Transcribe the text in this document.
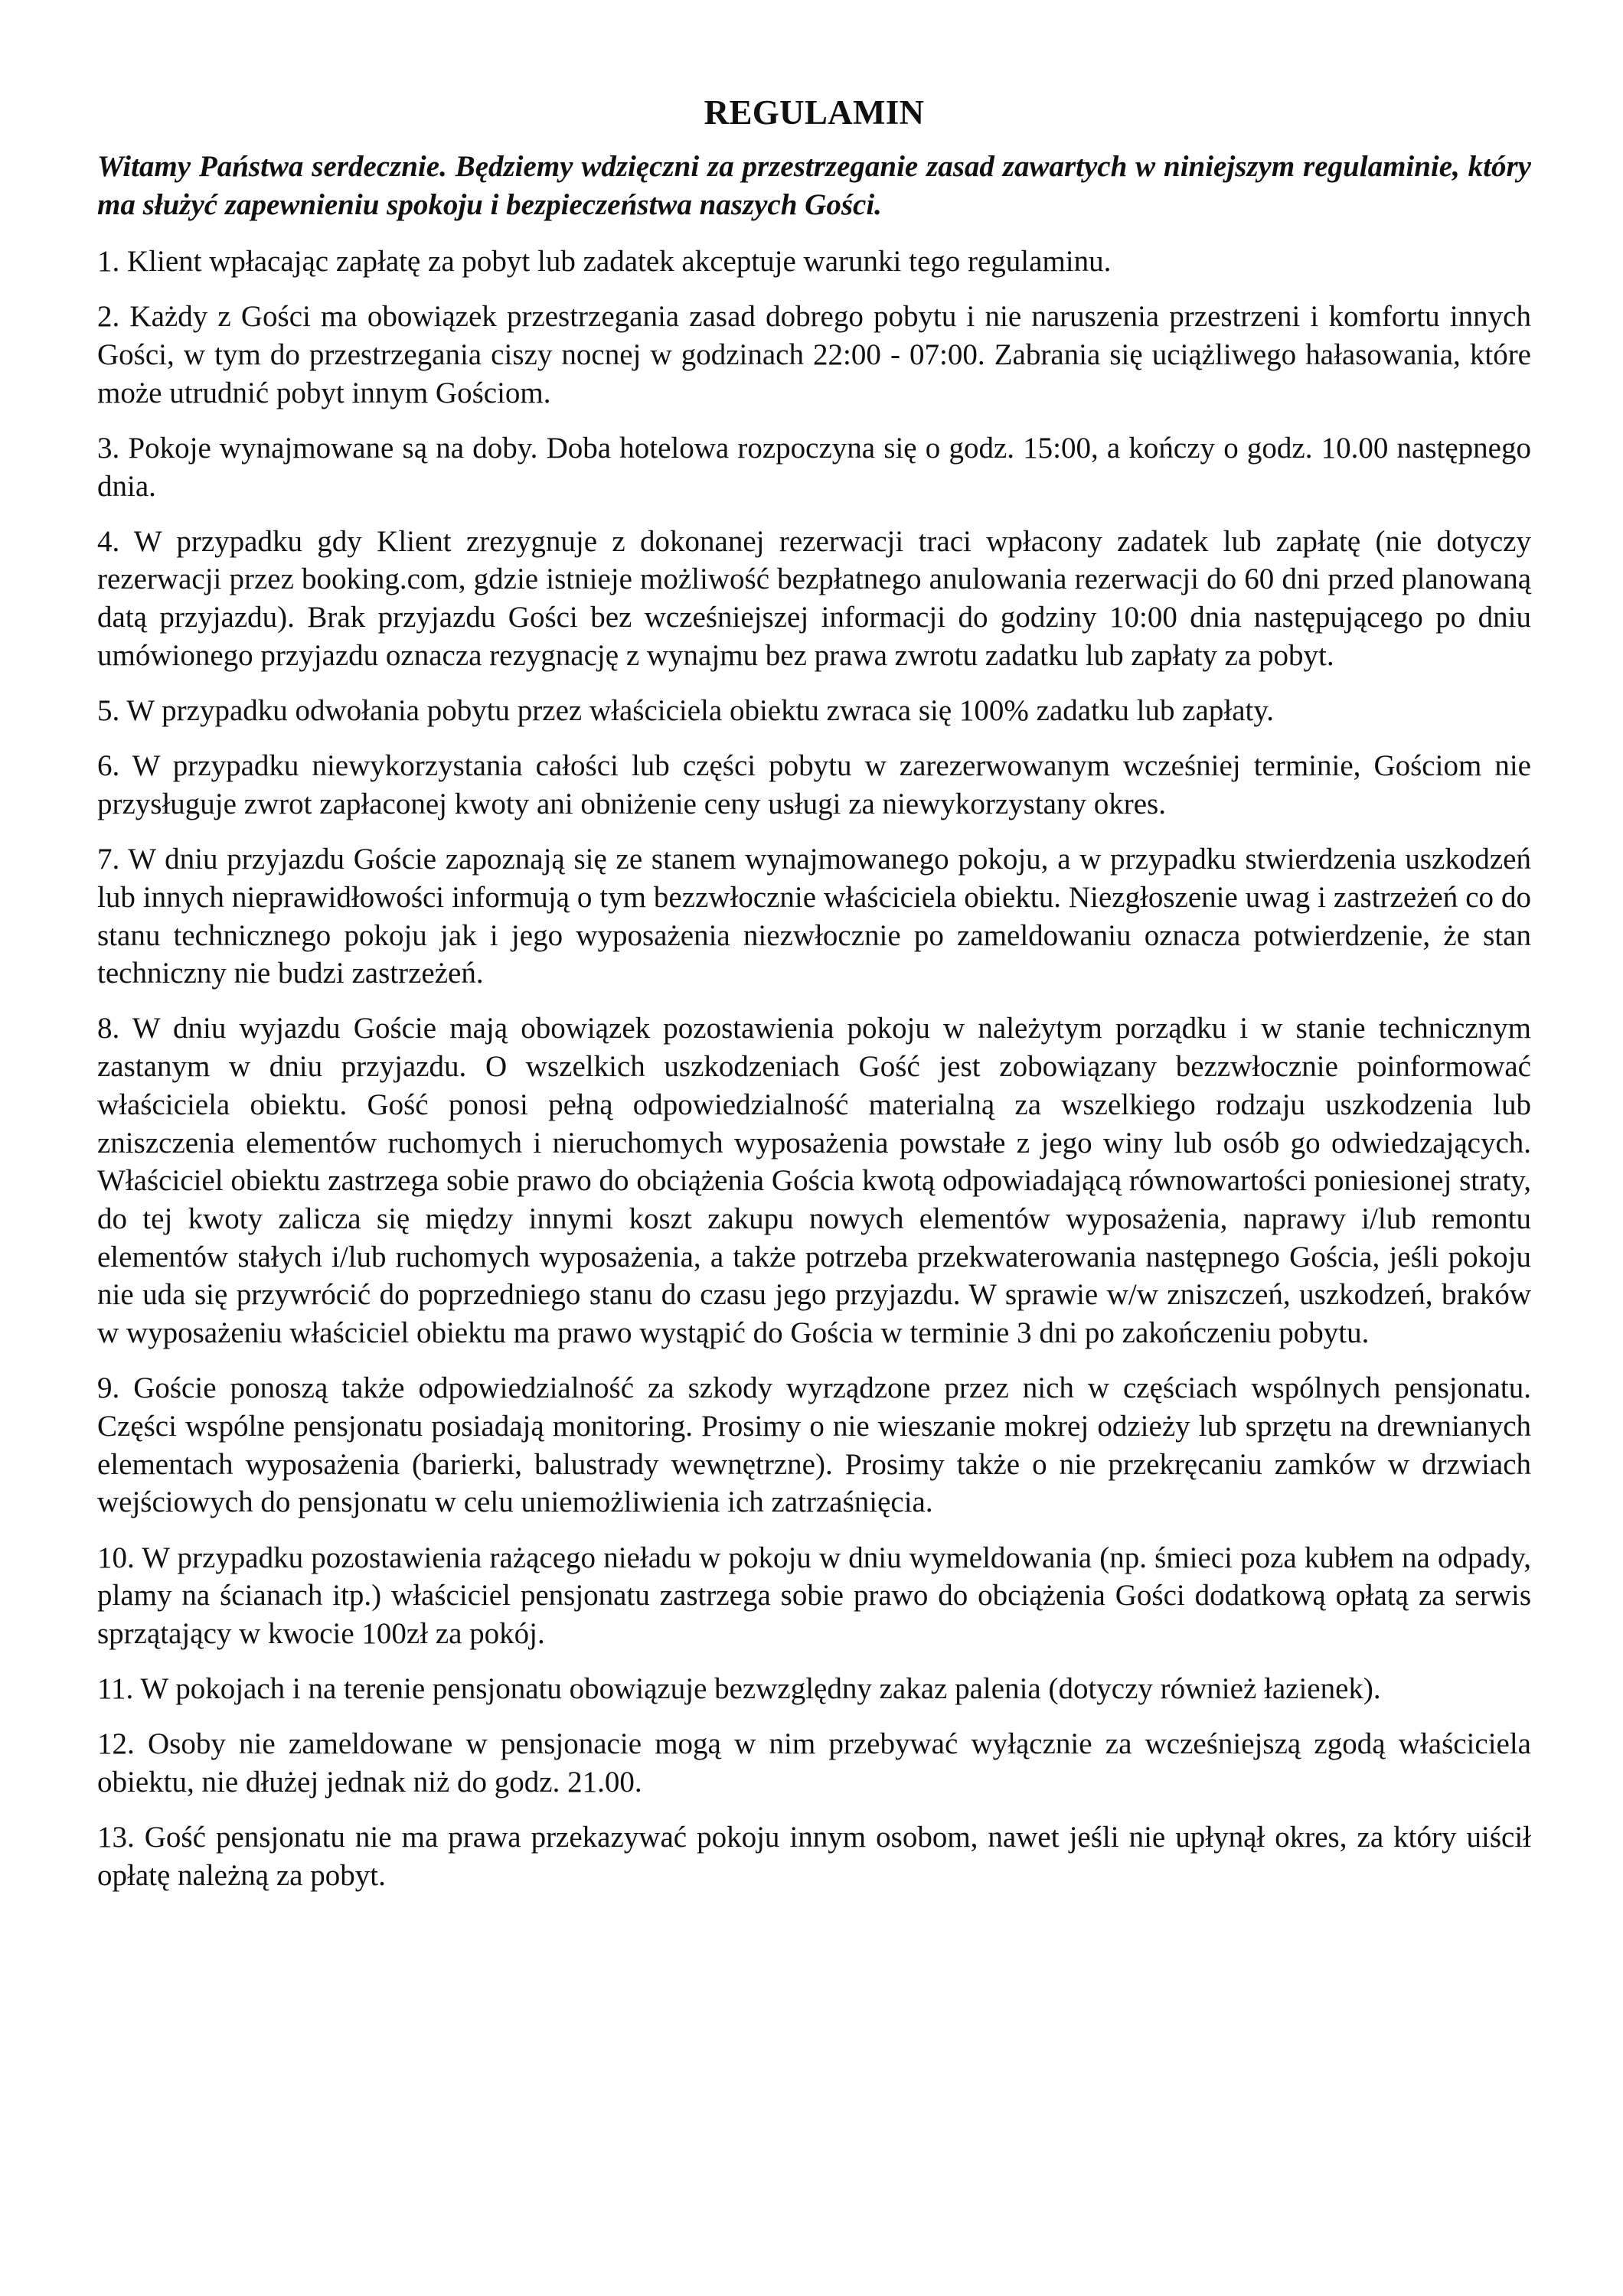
REGULAMIN

Witamy Państwa serdecznie. Będziemy wdzięczni za przestrzeganie zasad zawartych w niniejszym regulaminie, który ma służyć zapewnieniu spokoju i bezpieczeństwa naszych Gości.

1. Klient wpłacając zapłatę za pobyt lub zadatek akceptuje warunki tego regulaminu.
2. Każdy z Gości ma obowiązek przestrzegania zasad dobrego pobytu i nie naruszenia przestrzeni i komfortu innych Gości, w tym do przestrzegania ciszy nocnej w godzinach 22:00 - 07:00. Zabrania się uciążliwego hałasowania, które może utrudnić pobyt innym Gościom.
3. Pokoje wynajmowane są na doby. Doba hotelowa rozpoczyna się o godz. 15:00, a kończy o godz. 10.00 następnego dnia.
4. W przypadku gdy Klient zrezygnuje z dokonanej rezerwacji traci wpłacony zadatek lub zapłatę (nie dotyczy rezerwacji przez booking.com, gdzie istnieje możliwość bezpłatnego anulowania rezerwacji do 60 dni przed planowaną datą przyjazdu). Brak przyjazdu Gości bez wcześniejszej informacji do godziny 10:00 dnia następującego po dniu umówionego przyjazdu oznacza rezygnację z wynajmu bez prawa zwrotu zadatku lub zapłaty za pobyt.
5. W przypadku odwołania pobytu przez właściciela obiektu zwraca się 100% zadatku lub zapłaty.
6. W przypadku niewykorzystania całości lub części pobytu w zarezerwowanym wcześniej terminie, Gościom nie przysługuje zwrot zapłaconej kwoty ani obniżenie ceny usługi za niewykorzystany okres.
7. W dniu przyjazdu Goście zapoznają się ze stanem wynajmowanego pokoju, a w przypadku stwierdzenia uszkodzeń lub innych nieprawidłowości informują o tym bezzwłocznie właściciela obiektu. Niezgłoszenie uwag i zastrzeżeń co do stanu technicznego pokoju jak i jego wyposażenia niezwłocznie po zameldowaniu oznacza potwierdzenie, że stan techniczny nie budzi zastrzeżeń.
8. W dniu wyjazdu Goście mają obowiązek pozostawienia pokoju w należytym porządku i w stanie technicznym zastanym w dniu przyjazdu. O wszelkich uszkodzeniach Gość jest zobowiązany bezzwłocznie poinformować właściciela obiektu. Gość ponosi pełną odpowiedzialność materialną za wszelkiego rodzaju uszkodzenia lub zniszczenia elementów ruchomych i nieruchomych wyposażenia powstałe z jego winy lub osób go odwiedzających. Właściciel obiektu zastrzega sobie prawo do obciążenia Gościa kwotą odpowiadającą równowartości poniesionej straty, do tej kwoty zalicza się między innymi koszt zakupu nowych elementów wyposażenia, naprawy i/lub remontu elementów stałych i/lub ruchomych wyposażenia, a także potrzeba przekwaterowania następnego Gościa, jeśli pokoju nie uda się przywrócić do poprzedniego stanu do czasu jego przyjazdu. W sprawie w/w zniszczeń, uszkodzeń, braków w wyposażeniu właściciel obiektu ma prawo wystąpić do Gościa w terminie 3 dni po zakończeniu pobytu.
9. Goście ponoszą także odpowiedzialność za szkody wyrządzone przez nich w częściach wspólnych pensjonatu. Części wspólne pensjonatu posiadają monitoring. Prosimy o nie wieszanie mokrej odzieży lub sprzętu na drewnianych elementach wyposażenia (barierki, balustrady wewnętrzne). Prosimy także o nie przekręcaniu zamków w drzwiach wejściowych do pensjonatu w celu uniemożliwienia ich zatrzaśnięcia.
10. W przypadku pozostawienia rażącego nieładu w pokoju w dniu wymeldowania (np. śmieci poza kubłem na odpady, plamy na ścianach itp.) właściciel pensjonatu zastrzega sobie prawo do obciążenia Gości dodatkową opłatą za serwis sprzątający w kwocie 100zł za pokój.
11. W pokojach i na terenie pensjonatu obowiązuje bezwzględny zakaz palenia (dotyczy również łazienek).
12. Osoby nie zameldowane w pensjonacie mogą w nim przebywać wyłącznie za wcześniejszą zgodą właściciela obiektu, nie dłużej jednak niż do godz. 21.00.
13. Gość pensjonatu nie ma prawa przekazywać pokoju innym osobom, nawet jeśli nie upłynął okres, za który uiścił opłatę należną za pobyt.
